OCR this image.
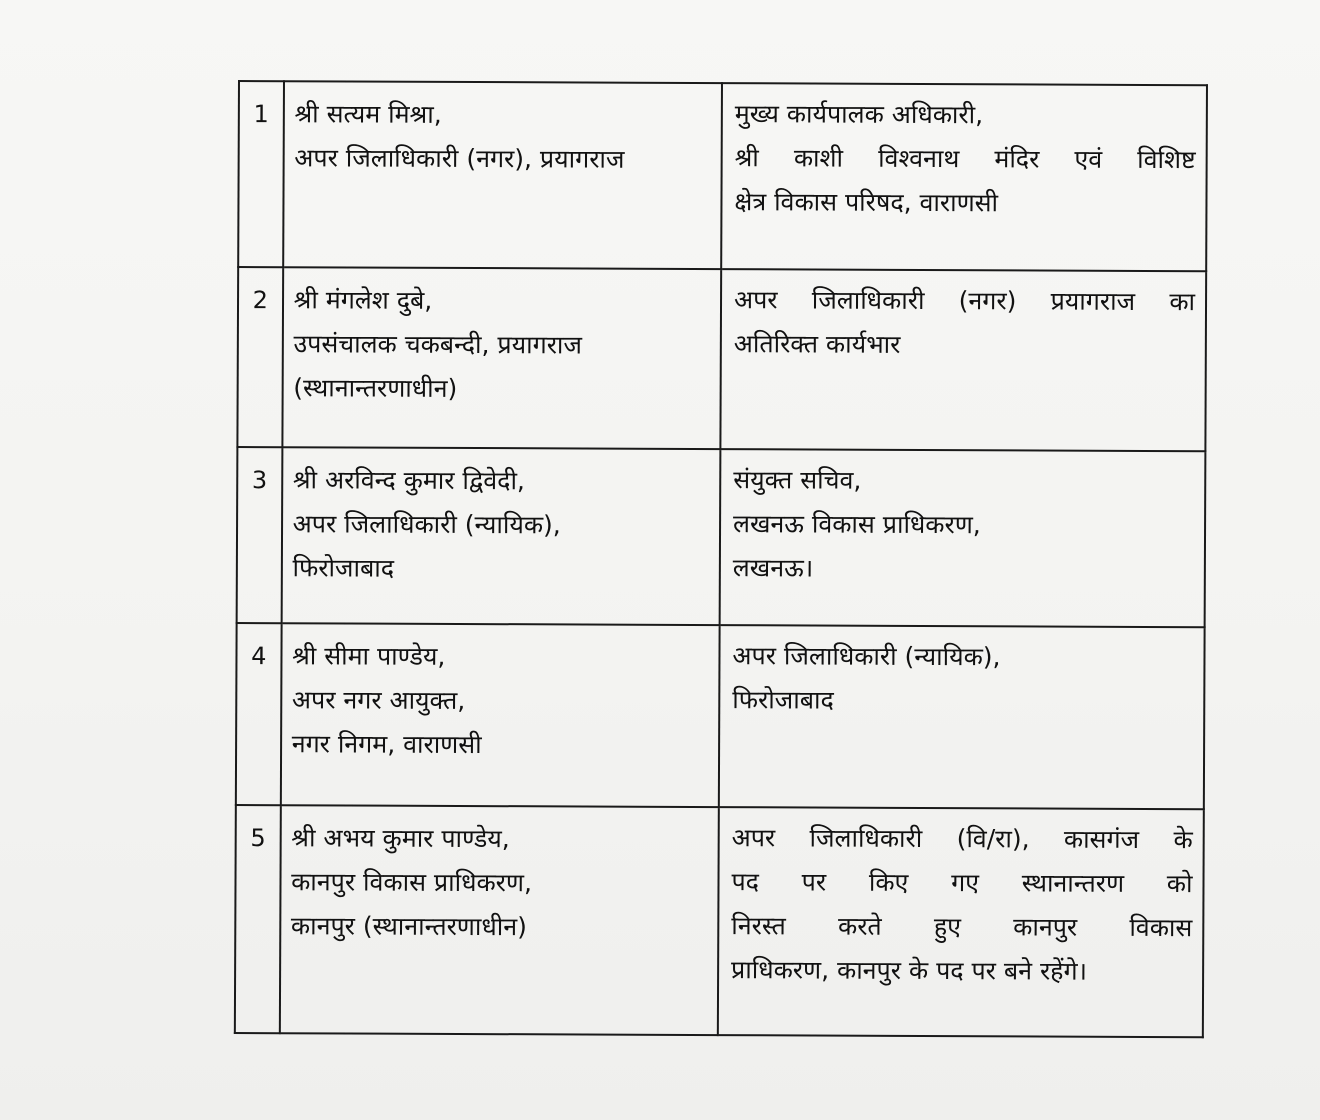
1	श्री सत्यम मिश्रा,
अपर जिलाधिकारी (नगर), प्रयागराज	मुख्य कार्यपालक अधिकारी,
श्री काशी विश्वनाथ मंदिर एवं विशिष्ट
क्षेत्र विकास परिषद, वाराणसी

2	श्री मंगलेश दुबे,
उपसंचालक चकबन्दी, प्रयागराज
(स्थानान्तरणाधीन)	अपर जिलाधिकारी (नगर) प्रयागराज का
अतिरिक्त कार्यभार

3	श्री अरविन्द कुमार द्विवेदी,
अपर जिलाधिकारी (न्यायिक),
फिरोजाबाद	संयुक्त सचिव,
लखनऊ विकास प्राधिकरण,
लखनऊ।

4	श्री सीमा पाण्डेय,
अपर नगर आयुक्त,
नगर निगम, वाराणसी	अपर जिलाधिकारी (न्यायिक),
फिरोजाबाद

5	श्री अभय कुमार पाण्डेय,
कानपुर विकास प्राधिकरण,
कानपुर (स्थानान्तरणाधीन)	अपर जिलाधिकारी (वि/रा), कासगंज के
पद पर किए गए स्थानान्तरण को
निरस्त करते हुए कानपुर विकास
प्राधिकरण, कानपुर के पद पर बने रहेंगे।
